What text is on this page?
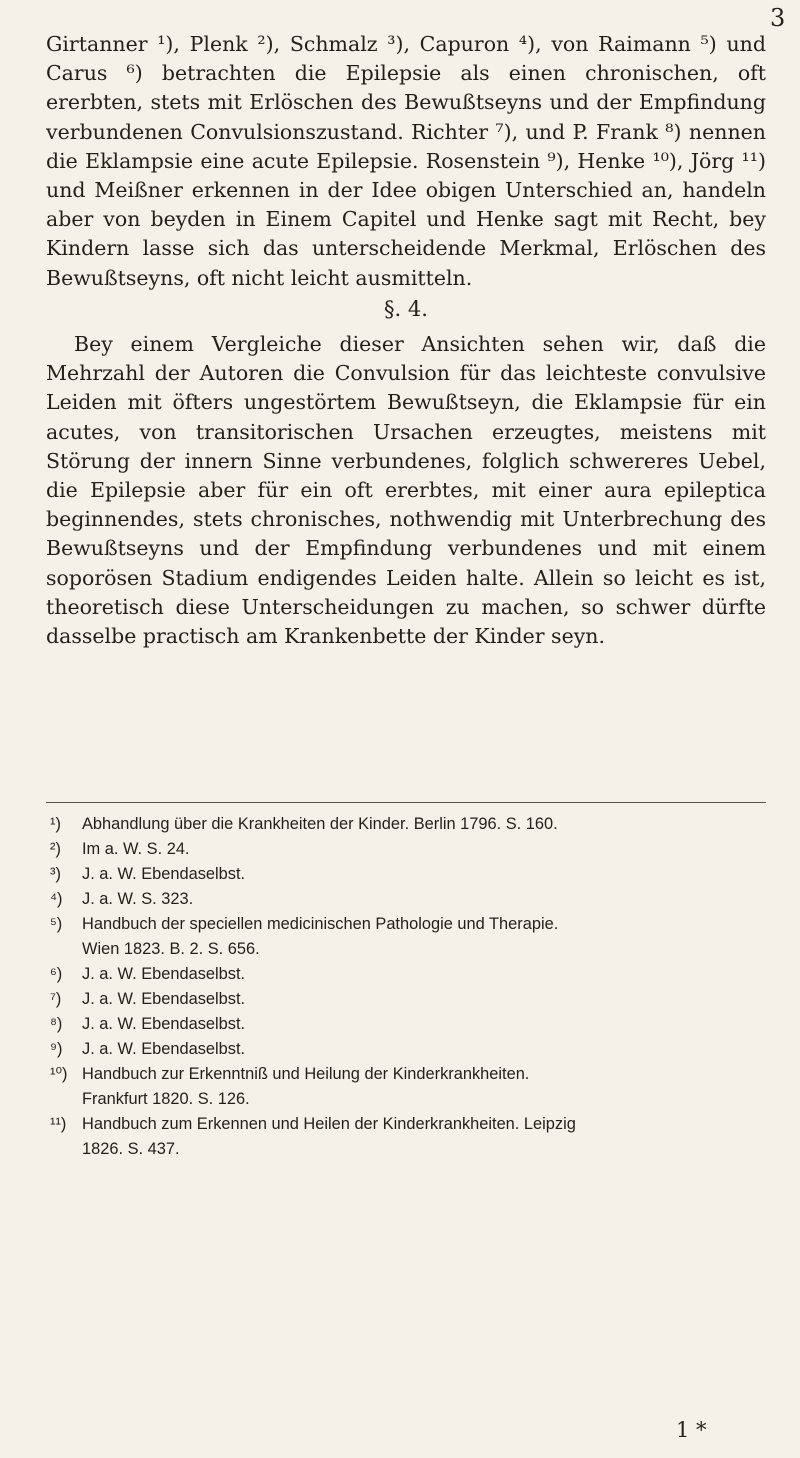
3

Girtanner ¹), Plenk ²), Schmalz ³), Capuron ⁴), von Raimann ⁵) und Carus ⁶) betrachten die Epilepsie als einen chronischen, oft ererbten, stets mit Erlöschen des Bewußtseyns und der Empfindung verbundenen Convulsionszustand. Richter ⁷), und P. Frank ⁸) nennen die Eklampsie eine acute Epilepsie. Rosenstein ⁹), Henke ¹⁰), Jörg ¹¹) und Meißner erkennen in der Idee obigen Unterschied an, handeln aber von beyden in Einem Capitel und Henke sagt mit Recht, bey Kindern lasse sich das unterscheidende Merkmal, Erlöschen des Bewußtseyns, oft nicht leicht ausmitteln.

§. 4.

Bey einem Vergleiche dieser Ansichten sehen wir, daß die Mehrzahl der Autoren die Convulsion für das leichteste convulsive Leiden mit öfters ungestörtem Bewußtseyn, die Eklampsie für ein acutes, von transitorischen Ursachen erzeugtes, meistens mit Störung der innern Sinne verbundenes, folglich schwereres Uebel, die Epilepsie aber für ein oft ererbtes, mit einer aura epileptica beginnendes, stets chronisches, nothwendig mit Unterbrechung des Bewußtseyns und der Empfindung verbundenes und mit einem soporösen Stadium endigendes Leiden halte. Allein so leicht es ist, theoretisch diese Unterscheidungen zu machen, so schwer dürfte dasselbe practisch am Krankenbette der Kinder seyn.

¹)	Abhandlung über die Krankheiten der Kinder. Berlin 1796. S. 160.
²)	Im a. W. S. 24.
³)	J. a. W. Ebendaselbst.
⁴)	J. a. W. S. 323.
⁵)	Handbuch der speciellen medicinischen Pathologie und Therapie.
Wien 1823. B. 2. S. 656.
⁶)	J. a. W. Ebendaselbst.
⁷)	J. a. W. Ebendaselbst.
⁸)	J. a. W. Ebendaselbst.
⁹)	J. a. W. Ebendaselbst.
¹⁰) Handbuch zur Erkenntniß und Heilung der Kinderkrankheiten.
Frankfurt 1820. S. 126.
¹¹) Handbuch zum Erkennen und Heilen der Kinderkrankheiten. Leipzig
1826. S. 437.
1 *
